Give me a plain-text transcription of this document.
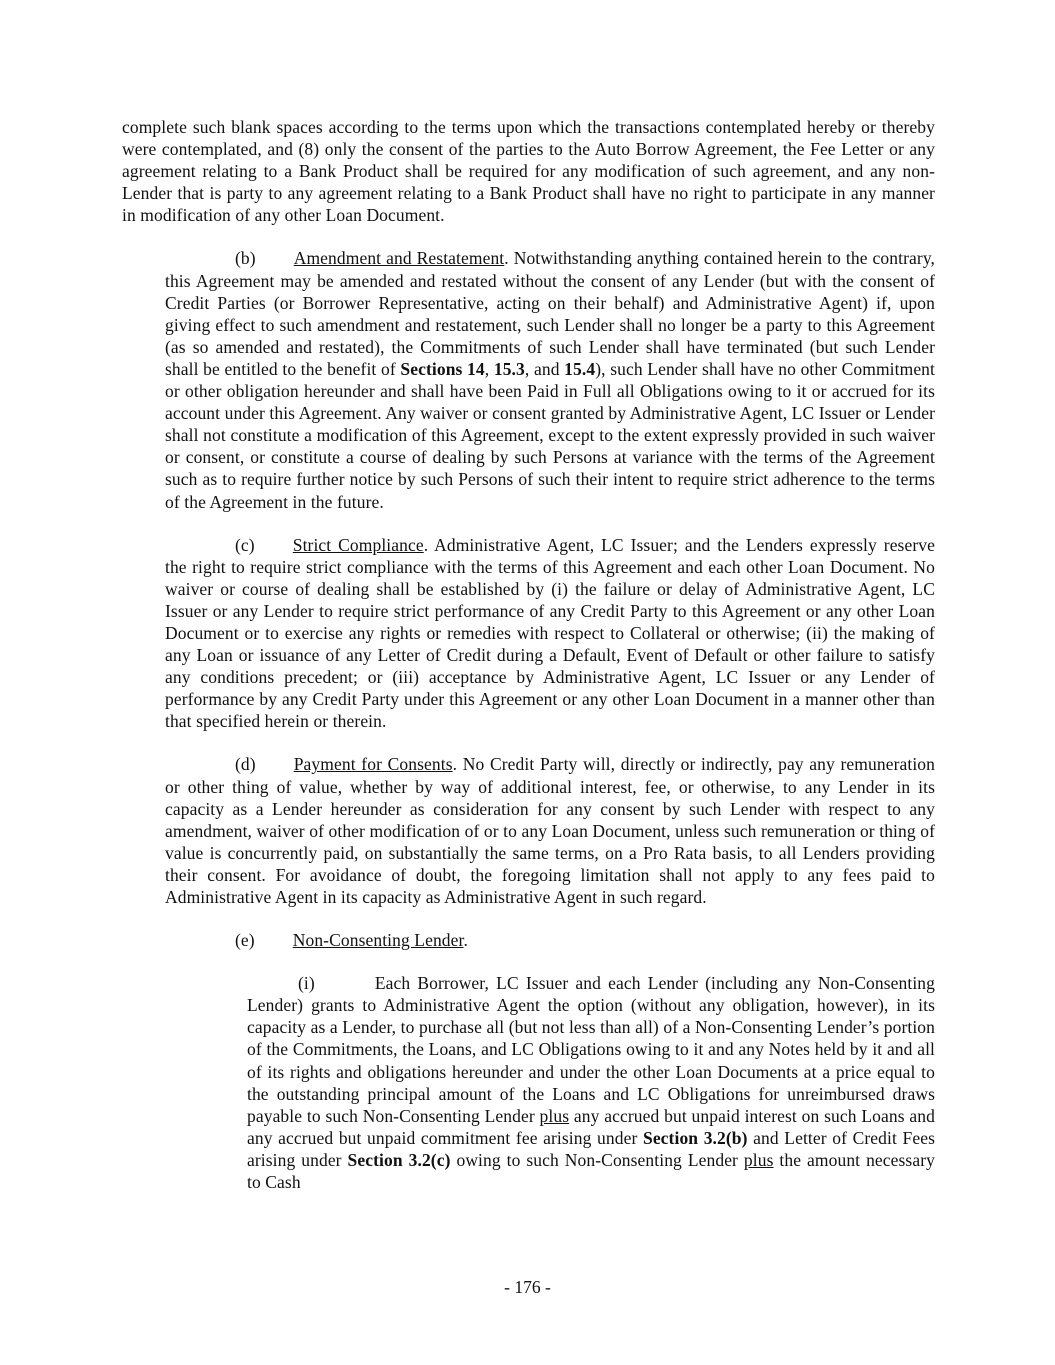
complete such blank spaces according to the terms upon which the transactions contemplated hereby or thereby were contemplated, and (8) only the consent of the parties to the Auto Borrow Agreement, the Fee Letter or any agreement relating to a Bank Product shall be required for any modification of such agreement, and any non-Lender that is party to any agreement relating to a Bank Product shall have no right to participate in any manner in modification of any other Loan Document.

(b) Amendment and Restatement. Notwithstanding anything contained herein to the contrary, this Agreement may be amended and restated without the consent of any Lender (but with the consent of Credit Parties (or Borrower Representative, acting on their behalf) and Administrative Agent) if, upon giving effect to such amendment and restatement, such Lender shall no longer be a party to this Agreement (as so amended and restated), the Commitments of such Lender shall have terminated (but such Lender shall be entitled to the benefit of Sections 14, 15.3, and 15.4), such Lender shall have no other Commitment or other obligation hereunder and shall have been Paid in Full all Obligations owing to it or accrued for its account under this Agreement. Any waiver or consent granted by Administrative Agent, LC Issuer or Lender shall not constitute a modification of this Agreement, except to the extent expressly provided in such waiver or consent, or constitute a course of dealing by such Persons at variance with the terms of the Agreement such as to require further notice by such Persons of such their intent to require strict adherence to the terms of the Agreement in the future.

(c) Strict Compliance. Administrative Agent, LC Issuer; and the Lenders expressly reserve the right to require strict compliance with the terms of this Agreement and each other Loan Document. No waiver or course of dealing shall be established by (i) the failure or delay of Administrative Agent, LC Issuer or any Lender to require strict performance of any Credit Party to this Agreement or any other Loan Document or to exercise any rights or remedies with respect to Collateral or otherwise; (ii) the making of any Loan or issuance of any Letter of Credit during a Default, Event of Default or other failure to satisfy any conditions precedent; or (iii) acceptance by Administrative Agent, LC Issuer or any Lender of performance by any Credit Party under this Agreement or any other Loan Document in a manner other than that specified herein or therein.

(d) Payment for Consents. No Credit Party will, directly or indirectly, pay any remuneration or other thing of value, whether by way of additional interest, fee, or otherwise, to any Lender in its capacity as a Lender hereunder as consideration for any consent by such Lender with respect to any amendment, waiver of other modification of or to any Loan Document, unless such remuneration or thing of value is concurrently paid, on substantially the same terms, on a Pro Rata basis, to all Lenders providing their consent. For avoidance of doubt, the foregoing limitation shall not apply to any fees paid to Administrative Agent in its capacity as Administrative Agent in such regard.

(e) Non-Consenting Lender.

(i)	Each Borrower, LC Issuer and each Lender (including any Non-Consenting Lender) grants to Administrative Agent the option (without any obligation, however), in its capacity as a Lender, to purchase all (but not less than all) of a Non-Consenting Lender’s portion of the Commitments, the Loans, and LC Obligations owing to it and any Notes held by it and all of its rights and obligations hereunder and under the other Loan Documents at a price equal to the outstanding principal amount of the Loans and LC Obligations for unreimbursed draws payable to such Non-Consenting Lender plus any accrued but unpaid interest on such Loans and any accrued but unpaid commitment fee arising under Section 3.2(b) and Letter of Credit Fees arising under Section 3.2(c) owing to such Non-Consenting Lender plus the amount necessary to Cash

- 176 -
